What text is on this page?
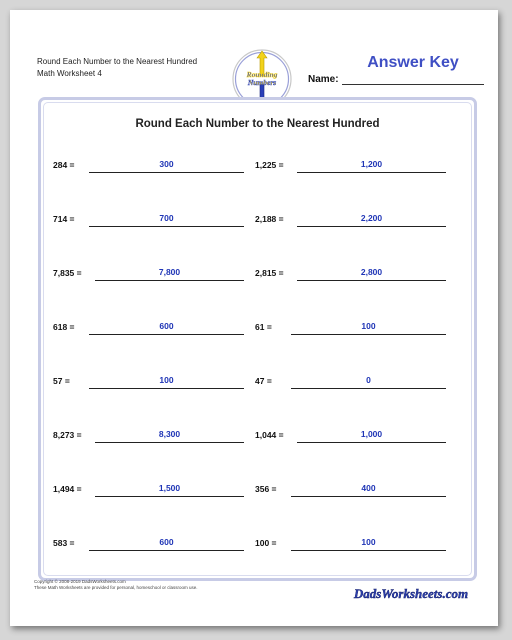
Round Each Number to the Nearest Hundred
Math Worksheet 4	Rounding
Numbers
Answer Key
Name:
Round Each Number to the Nearest Hundred
284 =	300	1,225 =	1,200
714 =	700	2,188 =	2,200
7,835 =	7,800	2,815 =	2,800
618 =	600	61 =	100
57 =	100	47 =	0
8,273 =	8,300	1,044 =	1,000
1,494 =	1,500	356 =	400
583 =	600	100 =	100
Copyright © 2008-2019 DadsWorksheets.com
These Math Worksheets are provided for personal, homeschool or classroom use.	DadsWorksheets.com
